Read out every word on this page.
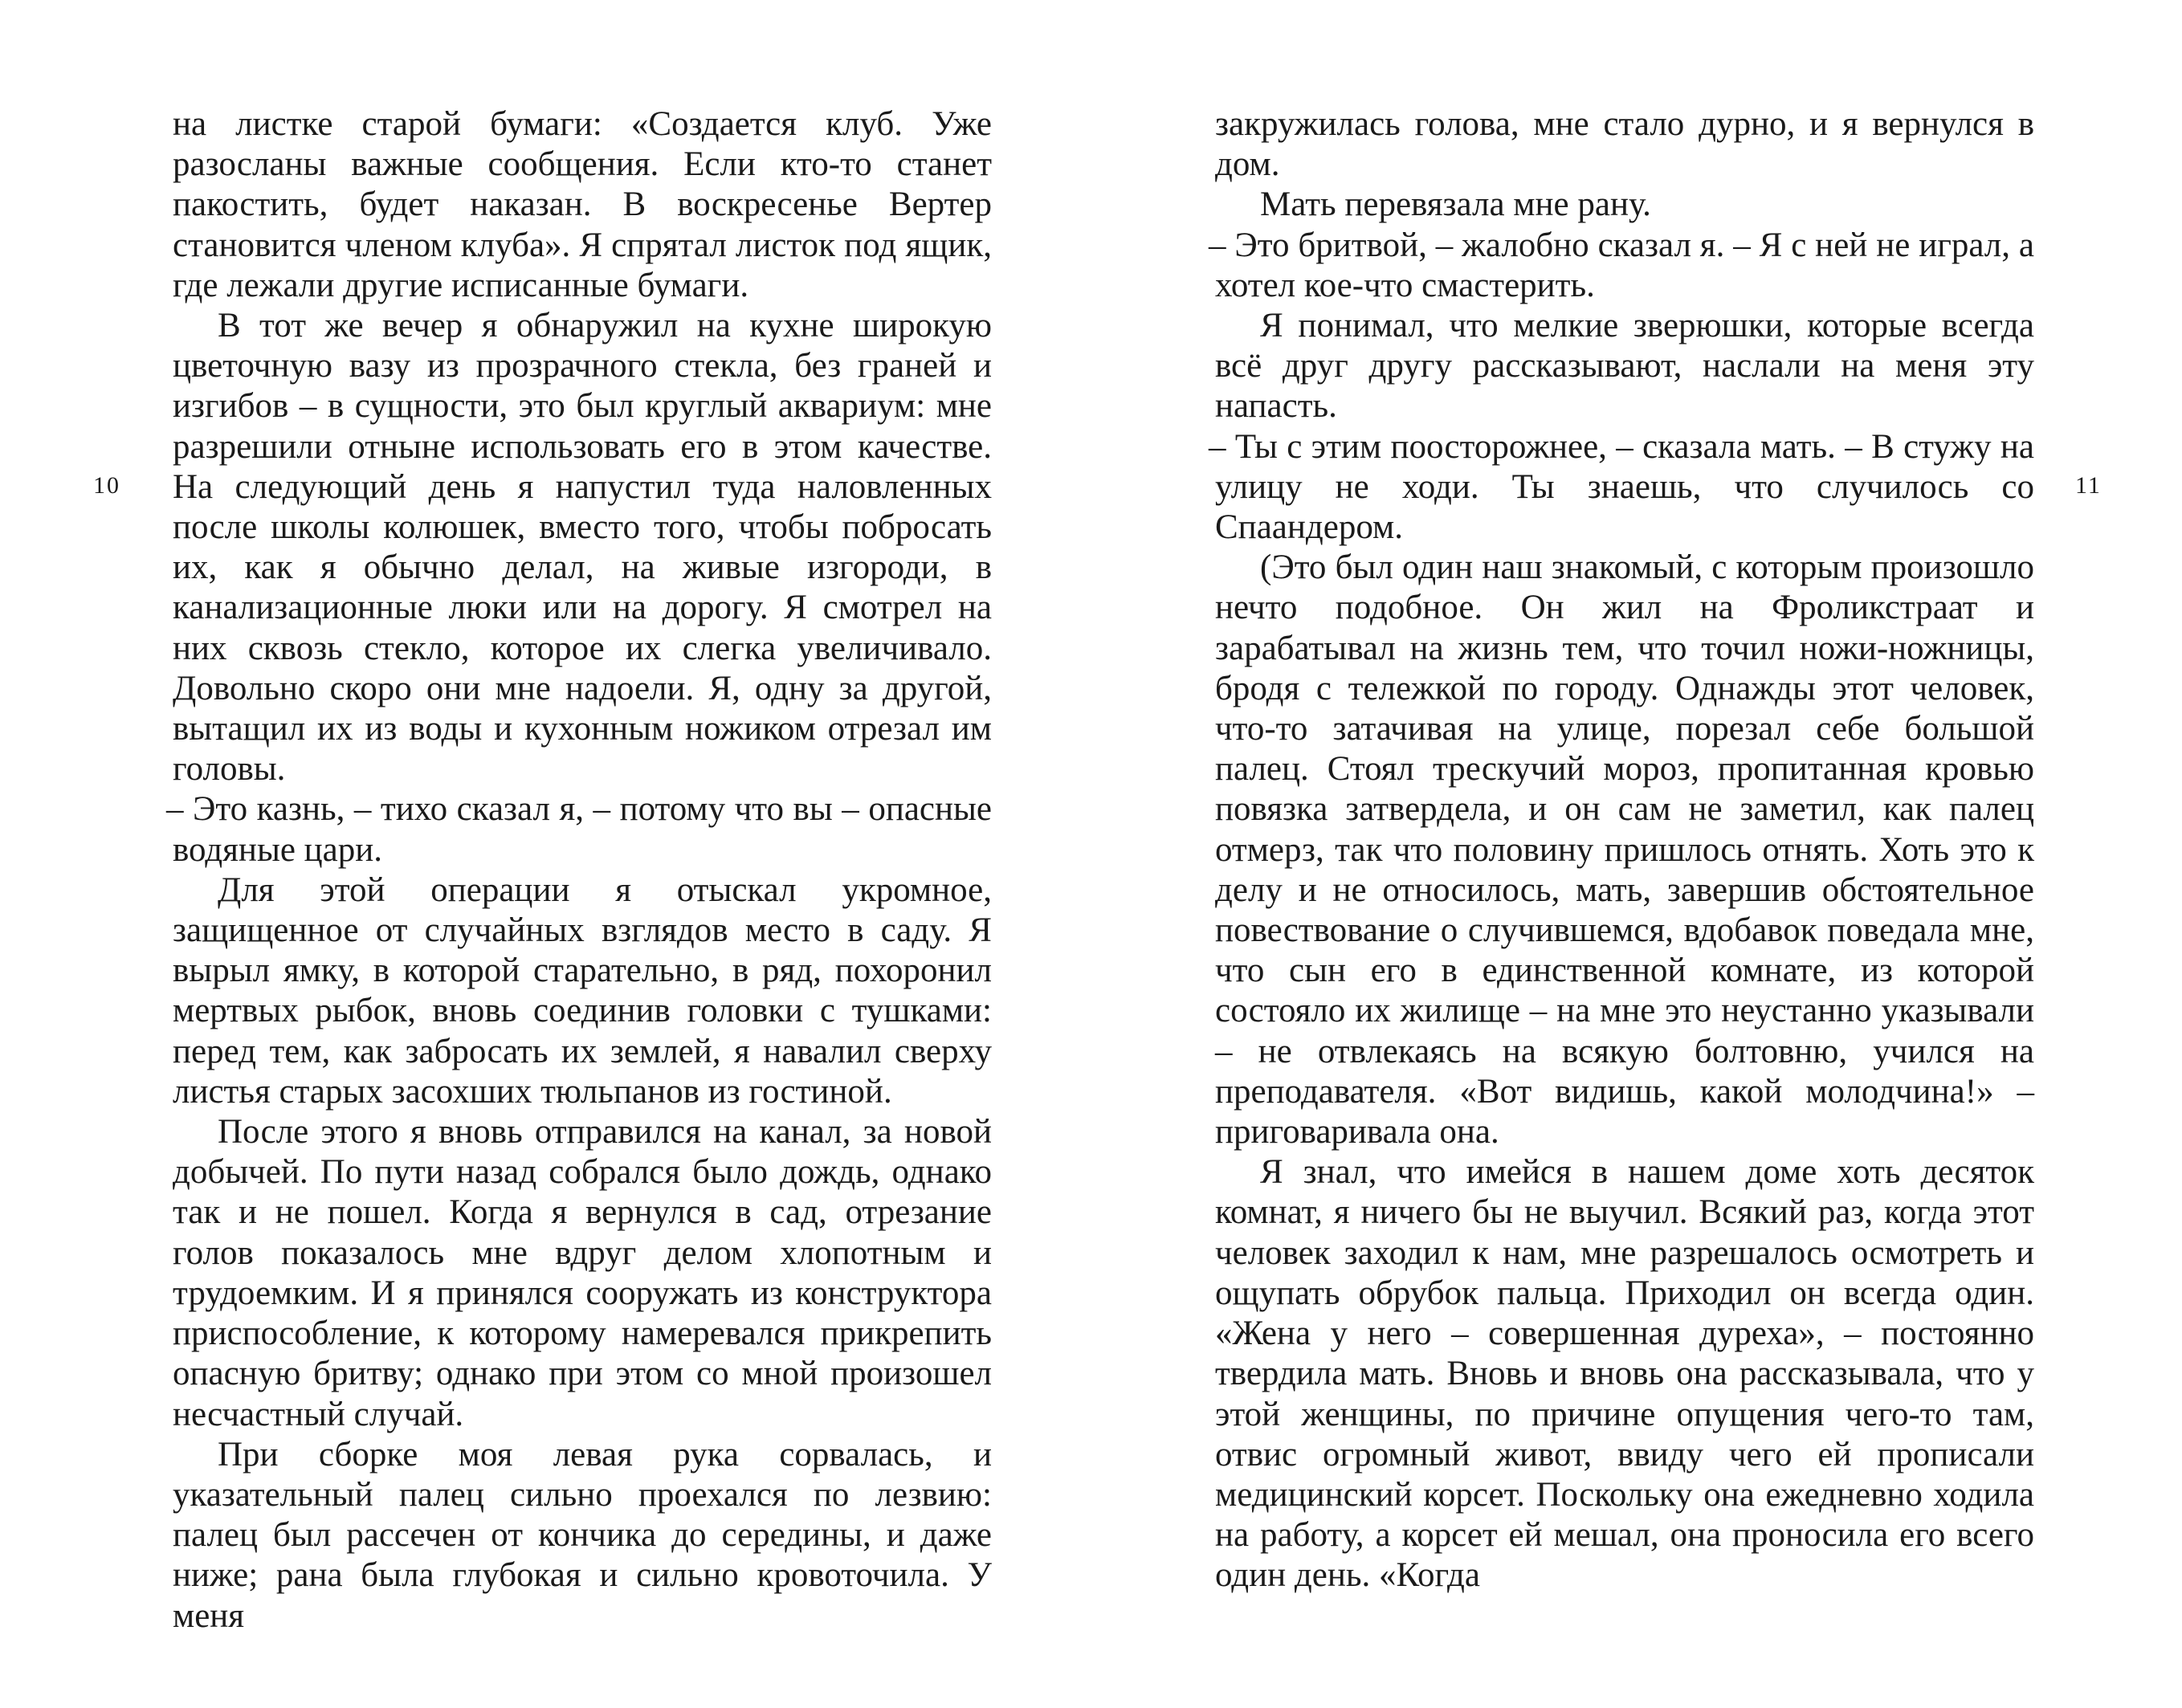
10

на листке старой бумаги: «Создается клуб. Уже разосланы важные сообщения. Если кто-то станет пакостить, будет наказан. В воскресенье Вертер становится членом клуба». Я спрятал листок под ящик, где лежали другие исписанные бумаги.

В тот же вечер я обнаружил на кухне широкую цветочную вазу из прозрачного стекла, без граней и изгибов – в сущности, это был круглый аквариум: мне разрешили отныне использовать его в этом качестве. На следующий день я напустил туда наловленных после школы колюшек, вместо того, чтобы побросать их, как я обычно делал, на живые изгороди, в канализационные люки или на дорогу. Я смотрел на них сквозь стекло, которое их слегка увеличивало. Довольно скоро они мне надоели. Я, одну за другой, вытащил их из воды и кухонным ножиком отрезал им головы.

– Это казнь, – тихо сказал я, – потому что вы – опасные водяные цари.

Для этой операции я отыскал укромное, защищенное от случайных взглядов место в саду. Я вырыл ямку, в которой старательно, в ряд, похоронил мертвых рыбок, вновь соединив головки с тушками: перед тем, как забросать их землей, я навалил сверху листья старых засохших тюльпанов из гостиной.

После этого я вновь отправился на канал, за новой добычей. По пути назад собрался было дождь, однако так и не пошел. Когда я вернулся в сад, отрезание голов показалось мне вдруг делом хлопотным и трудоемким. И я принялся сооружать из конструктора приспособление, к которому намеревался прикрепить опасную бритву; однако при этом со мной произошел несчастный случай.

При сборке моя левая рука сорвалась, и указательный палец сильно проехался по лезвию: палец был рассечен от кончика до середины, и даже ниже; рана была глубокая и сильно кровоточила. У меня

закружилась голова, мне стало дурно, и я вернулся в дом.

Мать перевязала мне рану.

– Это бритвой, – жалобно сказал я. – Я с ней не играл, а хотел кое-что смастерить.

Я понимал, что мелкие зверюшки, которые всегда всё друг другу рассказывают, наслали на меня эту напасть.

– Ты с этим поосторожнее, – сказала мать. – В стужу на улицу не ходи. Ты знаешь, что случилось со Спаандером.

(Это был один наш знакомый, с которым произошло нечто подобное. Он жил на Фроликстраат и зарабатывал на жизнь тем, что точил ножи-ножницы, бродя с тележкой по городу. Однажды этот человек, что-то затачивая на улице, порезал себе большой палец. Стоял трескучий мороз, пропитанная кровью повязка затвердела, и он сам не заметил, как палец отмерз, так что половину пришлось отнять. Хоть это к делу и не относилось, мать, завершив обстоятельное повествование о случившемся, вдобавок поведала мне, что сын его в единственной комнате, из которой состояло их жилище – на мне это неустанно указывали – не отвлекаясь на всякую болтовню, учился на преподавателя. «Вот видишь, какой молодчина!» – приговаривала она.

Я знал, что имейся в нашем доме хоть десяток комнат, я ничего бы не выучил. Всякий раз, когда этот человек заходил к нам, мне разрешалось осмотреть и ощупать обрубок пальца. Приходил он всегда один. «Жена у него – совершенная дуреха», – постоянно твердила мать. Вновь и вновь она рассказывала, что у этой женщины, по причине опущения чего-то там, отвис огромный живот, ввиду чего ей прописали медицинский корсет. Поскольку она ежедневно ходила на работу, а корсет ей мешал, она проносила его всего один день. «Когда

11
